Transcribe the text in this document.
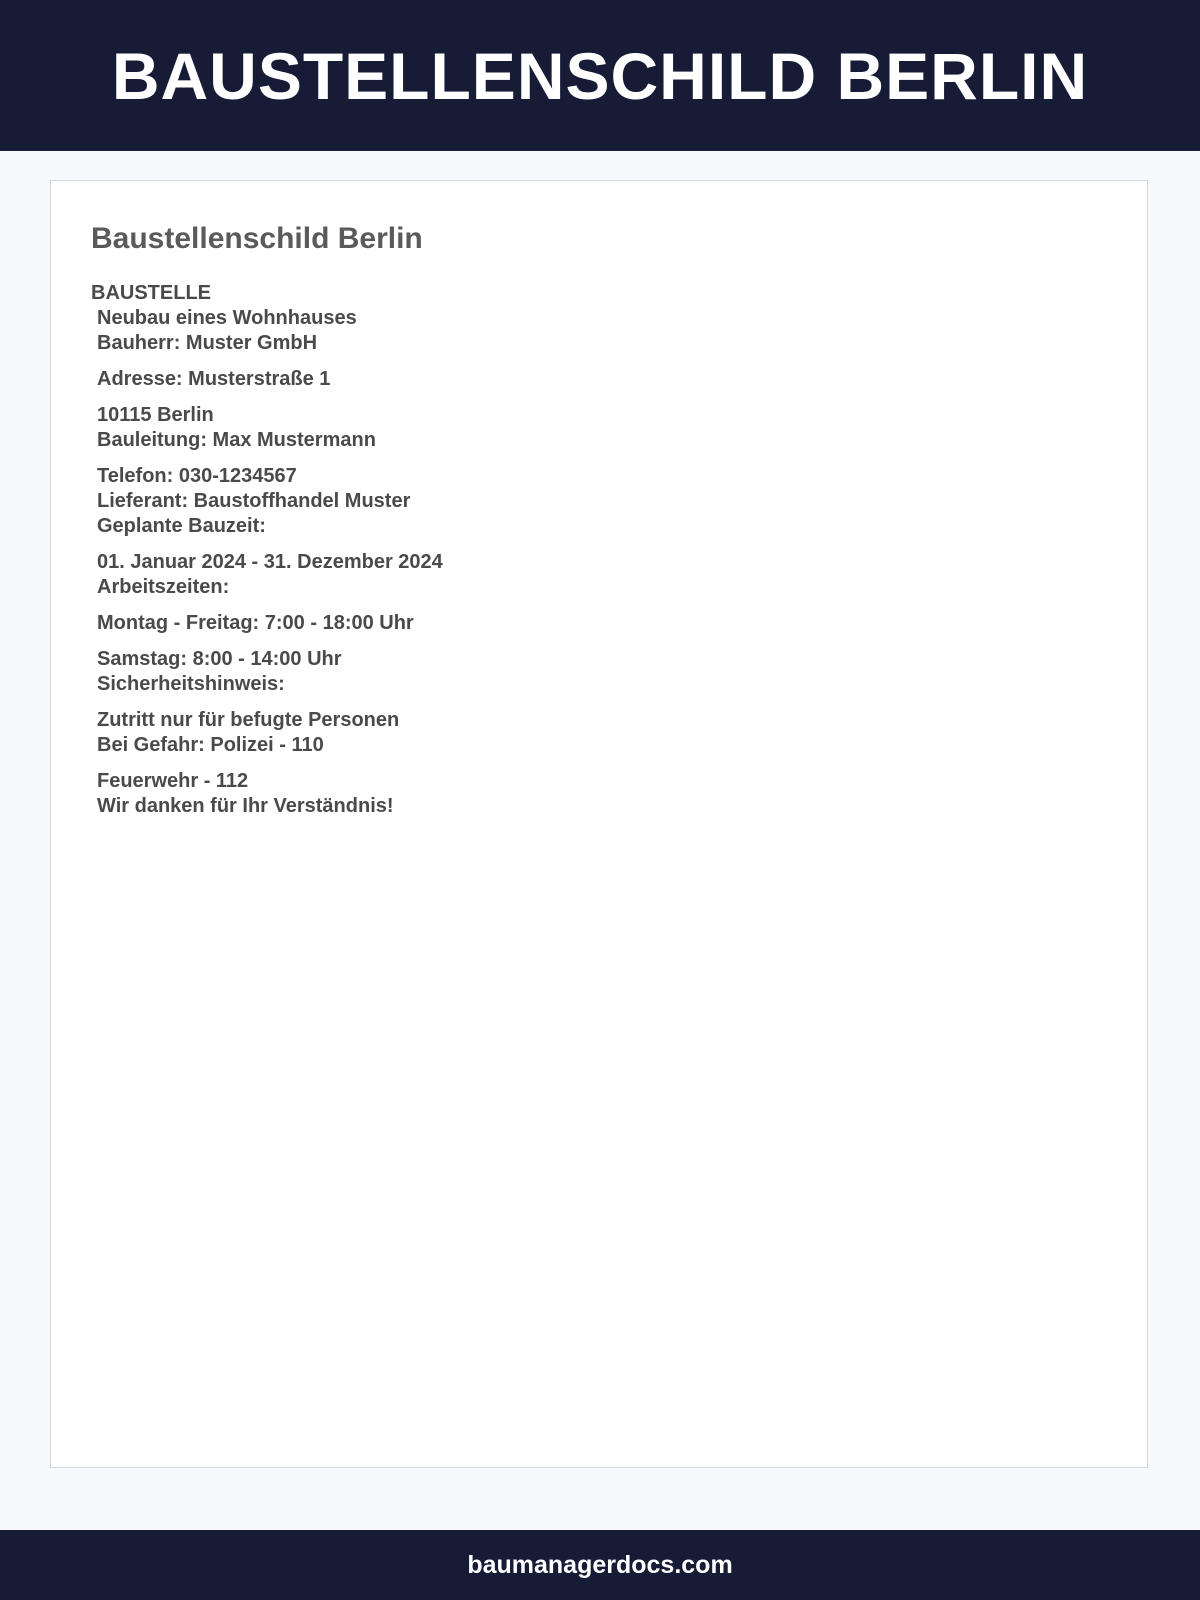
BAUSTELLENSCHILD BERLIN
Baustellenschild Berlin
BAUSTELLE
Neubau eines Wohnhauses
Bauherr: Muster GmbH
Adresse: Musterstraße 1
10115 Berlin
Bauleitung: Max Mustermann
Telefon: 030-1234567
Lieferant: Baustoffhandel Muster
Geplante Bauzeit:
01. Januar 2024 - 31. Dezember 2024
Arbeitszeiten:
Montag - Freitag: 7:00 - 18:00 Uhr
Samstag: 8:00 - 14:00 Uhr
Sicherheitshinweis:
Zutritt nur für befugte Personen
Bei Gefahr: Polizei - 110
Feuerwehr - 112
Wir danken für Ihr Verständnis!
baumanagerdocs.com
